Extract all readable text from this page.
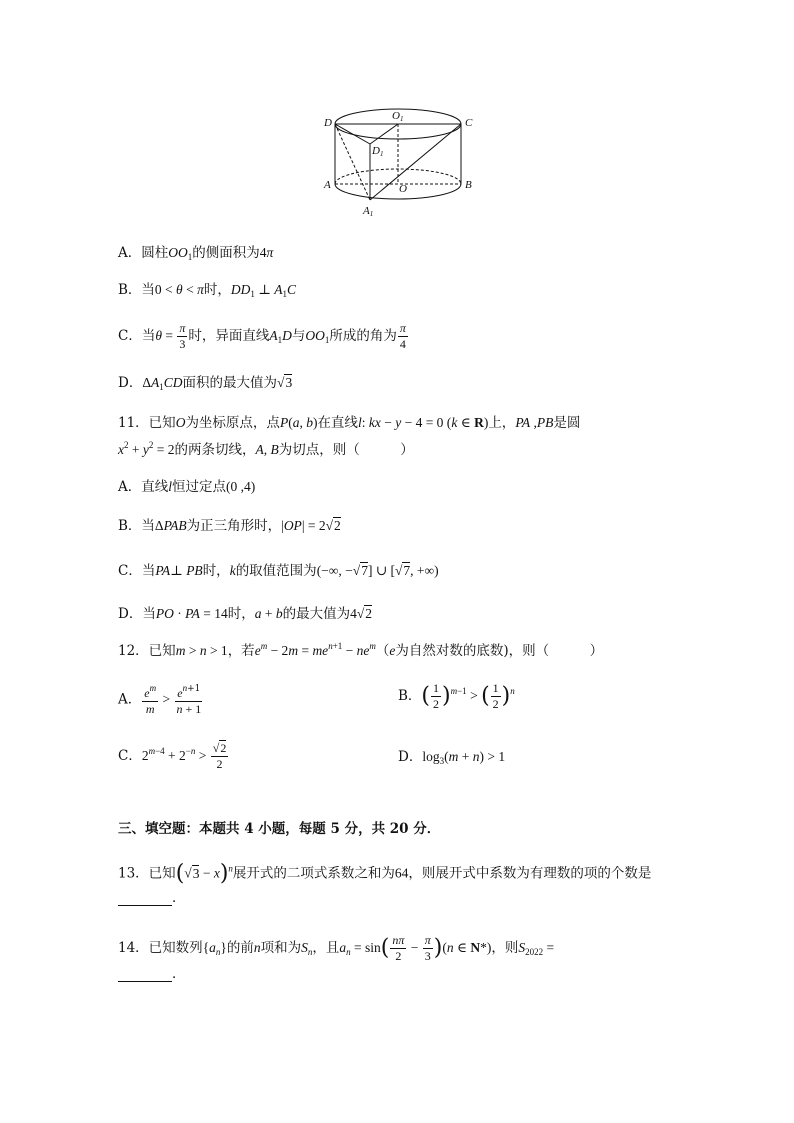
D
O1	C
D1
A	O	B
A1
A．圆柱$OO_1$的侧面积为4π
B．当0 < θ < π时，$DD_1$ ⊥ $A_1C$
C．当$\theta = \frac{\pi}{3}$ 时，异面直线$A_1D$与$OO_1$所成的角为 $\frac{\pi}{4}$
D．$\Delta A_1CD$面积的最大值为√3
11．已知O为坐标原点，点P(a, b)在直线l: kx − y − 4 = 0 (k ∈ R)上，PA ,PB是圆
$x^2 + y^2 = 2$的两条切线，A, B为切点，则（　　　）
A．直线l恒过定点(0 ,4)
B．当ΔPAB为正三角形时，|OP| = 2√2
C．当PA⊥ PB时，k的取值范围为(−∞, −√7] ∪ [√7, +∞)
D．当PO · PA = 14时，a + b的最大值为4√2
12．已知m > n > 1，若$e^m - 2m = me^{n+1} - ne^m(e$为自然对数的底数)，则（　　　）
A． $\frac{e^m}{m} > \frac{e^{n+1}}{n + 1}$	B．( $\frac{1}{2} )^{m-1}$ > ( $\frac{1}{2} )^n$
C．$2^{m-4} + 2^{-n} > \frac{√2}{2}$	D．$\log_3(m + n) > 1$
三、填空题：本题共 4 小题，每题 5 分，共 20 分．
13．已知$(√3 - x)^n$展开式的二项式系数之和为64，则展开式中系数为有理数的项的个数是
．
14．已知数列$\{a_n\}$的前n项和为$S_n$，且$a_n = \sin( \frac{n\pi}{2} - \frac{\pi}{3} )(n$ ∈ N*)，则$S_{2022}$ =
．
